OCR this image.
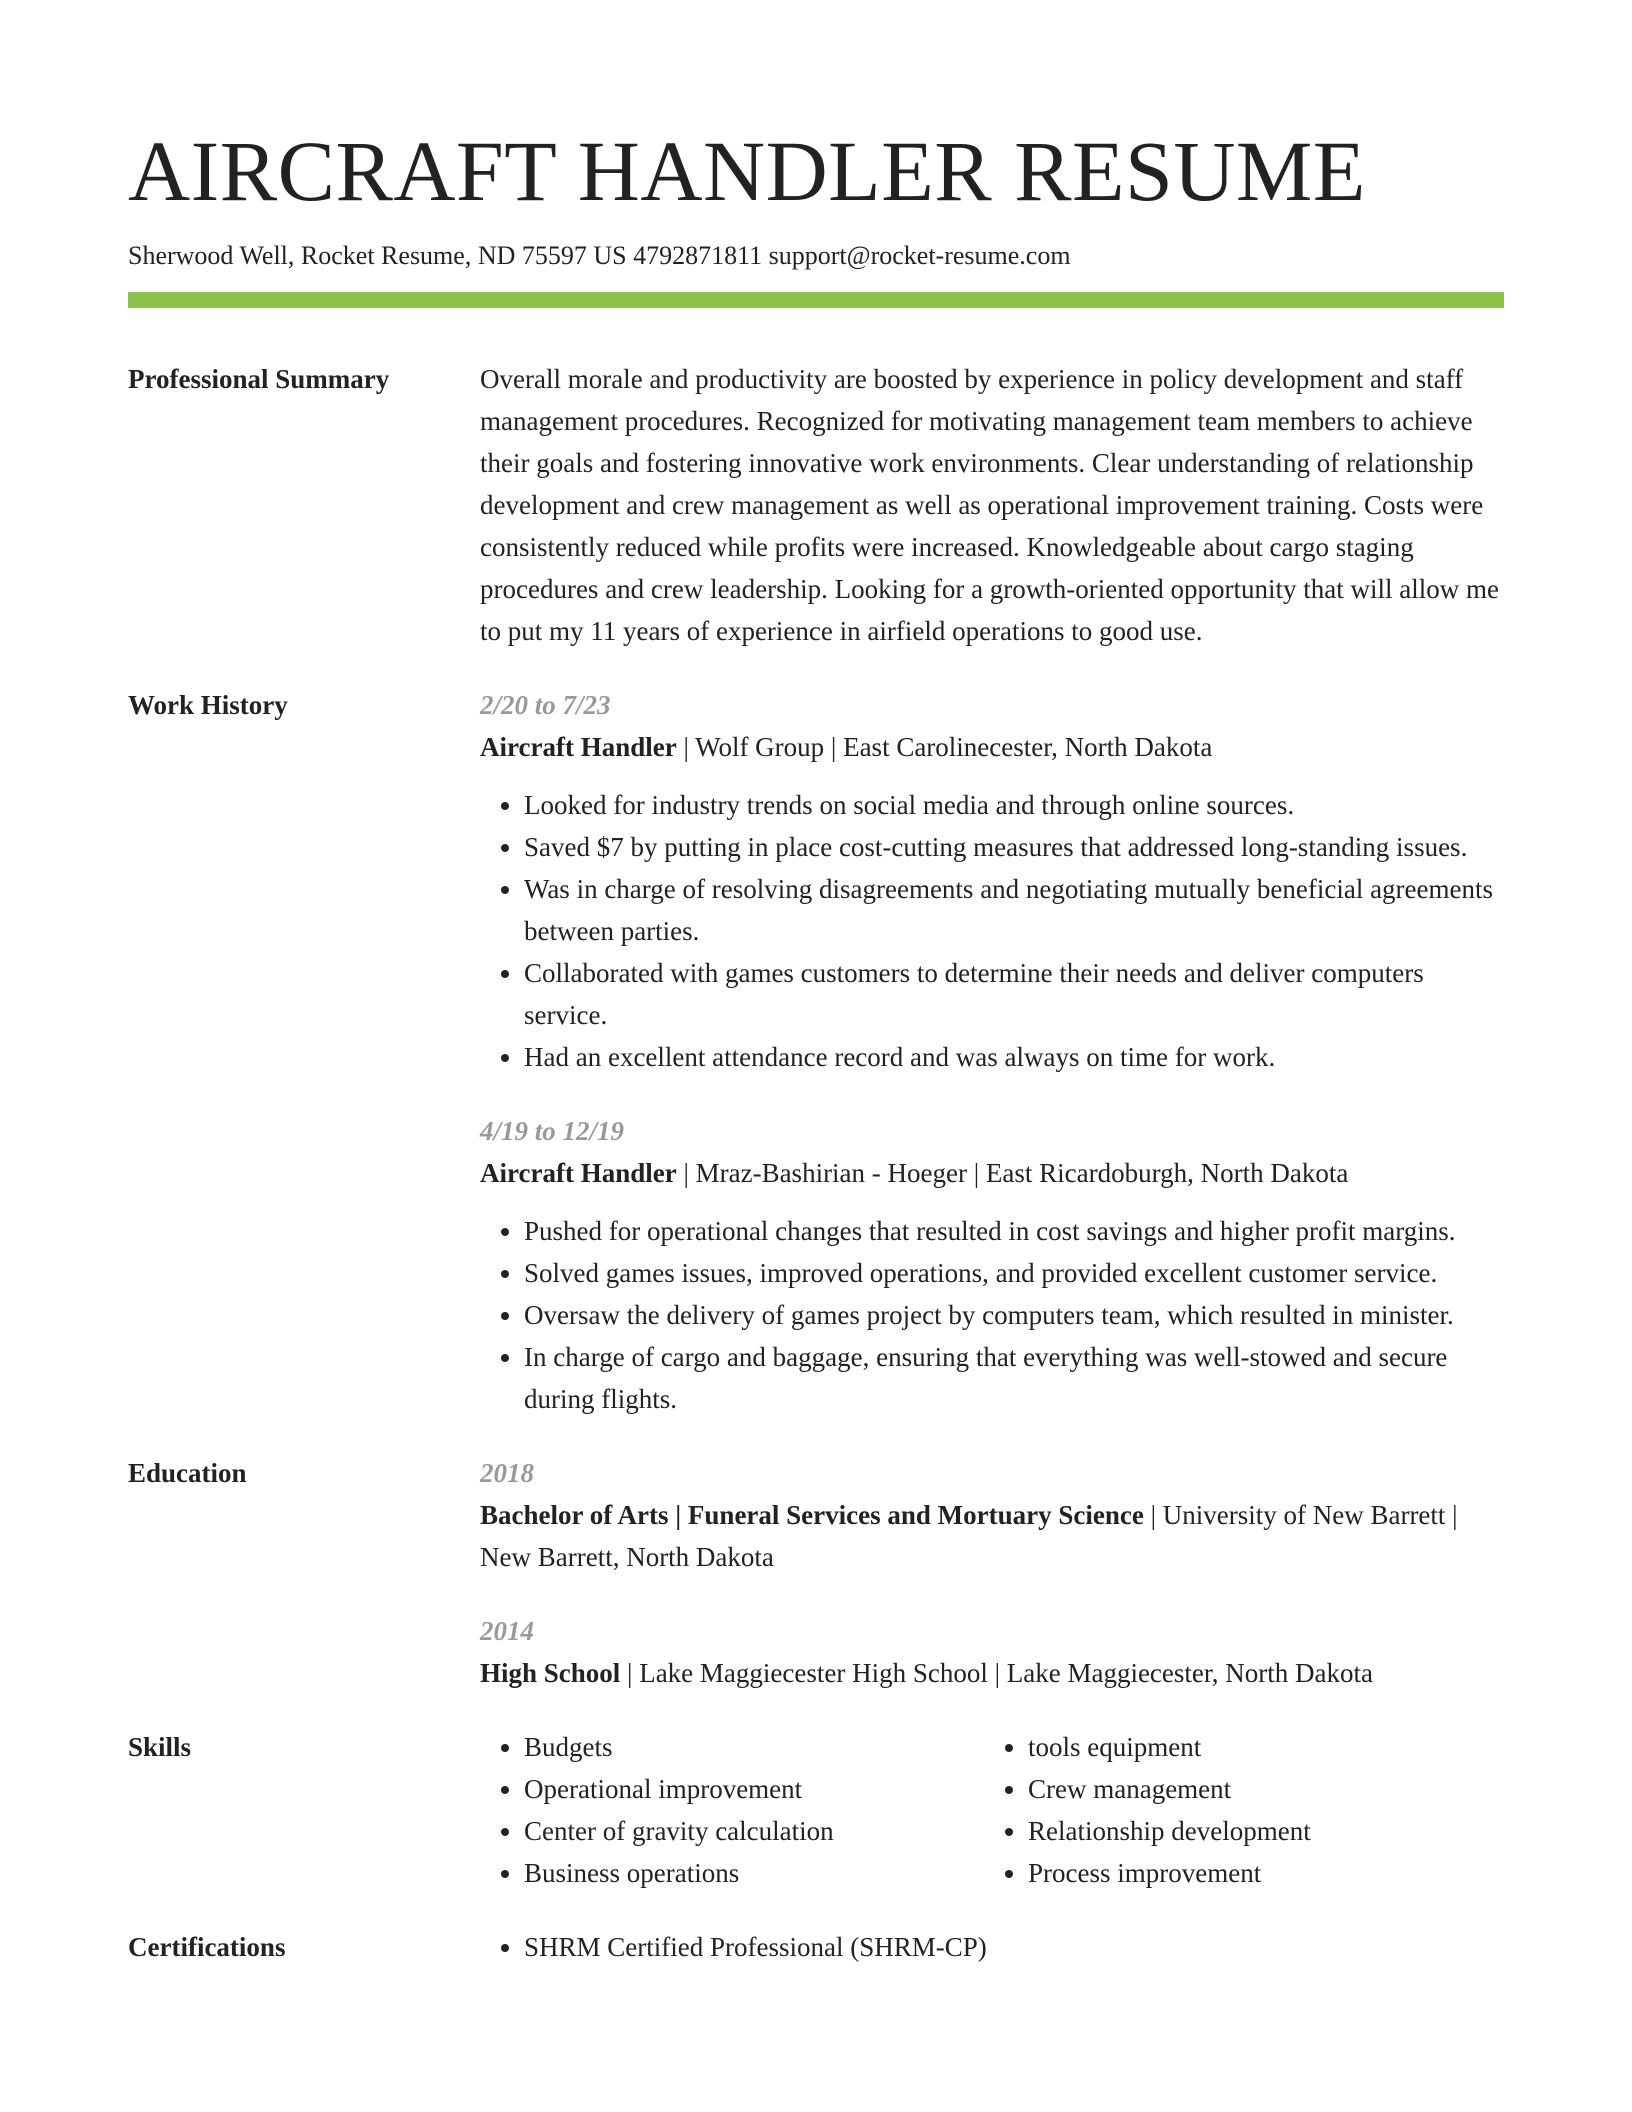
AIRCRAFT HANDLER RESUME
Sherwood Well, Rocket Resume, ND 75597 US 4792871811 support@rocket-resume.com
Professional Summary	Overall morale and productivity are boosted by experience in policy development and staff management procedures. Recognized for motivating management team members to achieve their goals and fostering innovative work environments. Clear understanding of relationship development and crew management as well as operational improvement training. Costs were consistently reduced while profits were increased. Knowledgeable about cargo staging procedures and crew leadership. Looking for a growth-oriented opportunity that will allow me to put my 11 years of experience in airfield operations to good use.

Work History	2/20 to 7/23
Aircraft Handler | Wolf Group | East Carolinecester, North Dakota
• Looked for industry trends on social media and through online sources.
• Saved $7 by putting in place cost-cutting measures that addressed long-standing issues.
• Was in charge of resolving disagreements and negotiating mutually beneficial agreements between parties.
• Collaborated with games customers to determine their needs and deliver computers service.
• Had an excellent attendance record and was always on time for work.
4/19 to 12/19
Aircraft Handler | Mraz-Bashirian - Hoeger | East Ricardoburgh, North Dakota
• Pushed for operational changes that resulted in cost savings and higher profit margins.
• Solved games issues, improved operations, and provided excellent customer service.
• Oversaw the delivery of games project by computers team, which resulted in minister.
• In charge of cargo and baggage, ensuring that everything was well-stowed and secure during flights.
Education	2018
Bachelor of Arts | Funeral Services and Mortuary Science | University of New Barrett | New Barrett, North Dakota
2014
High School | Lake Maggiecester High School | Lake Maggiecester, North Dakota
Skills	• Budgets
• Operational improvement
• Center of gravity calculation
• Business operations
• tools equipment
• Crew management
• Relationship development
• Process improvement
Certifications	• SHRM Certified Professional (SHRM-CP)
